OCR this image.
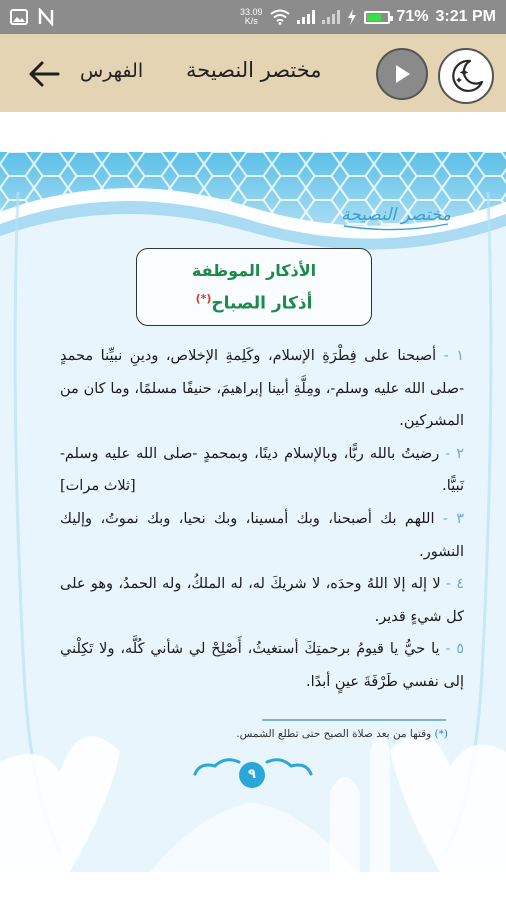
33.09
K/s	71% 3:21 PM
الفهرس مختصر النصيحة
مختصر النصيحة
الأذكار الموظفة
أذكار الصباح(*)

١ - أصبحنا على فِطْرَةِ الإسلام، وكَلِمةِ الإخلاص، ودينِ نبيِّنا محمدٍ -صلى الله عليه وسلم-، ومِلَّةِ أبينا إبراهيمَ، حنيفًا مسلمًا، وما كان من المشركين.

٢ - رضيتُ بالله ربًّا، وبالإسلام دينًا، وبمحمدٍ -صلى الله عليه وسلم- نَبيًّا.
[ثلاث مرات]

٣ - اللهم بك أصبحنا، وبك أمسينا، وبك نحيا، وبك نموتُ، وإليك النشور.

٤ - لا إله إلا اللهُ وحدَه، لا شريكَ له، له الملكُ، وله الحمدُ، وهو على كل شيءٍ قدير.

٥ - يا حيُّ يا قيومُ برحمتِكَ أستغيثُ، أَصْلِحْ لي شأني كُلَّه، ولا تَكِلْني إلى نفسي طَرْفَةَ عينٍ أبدًا.

(*) وقتها من بعد صلاة الصبح حتى تطلع الشمس.
٩
